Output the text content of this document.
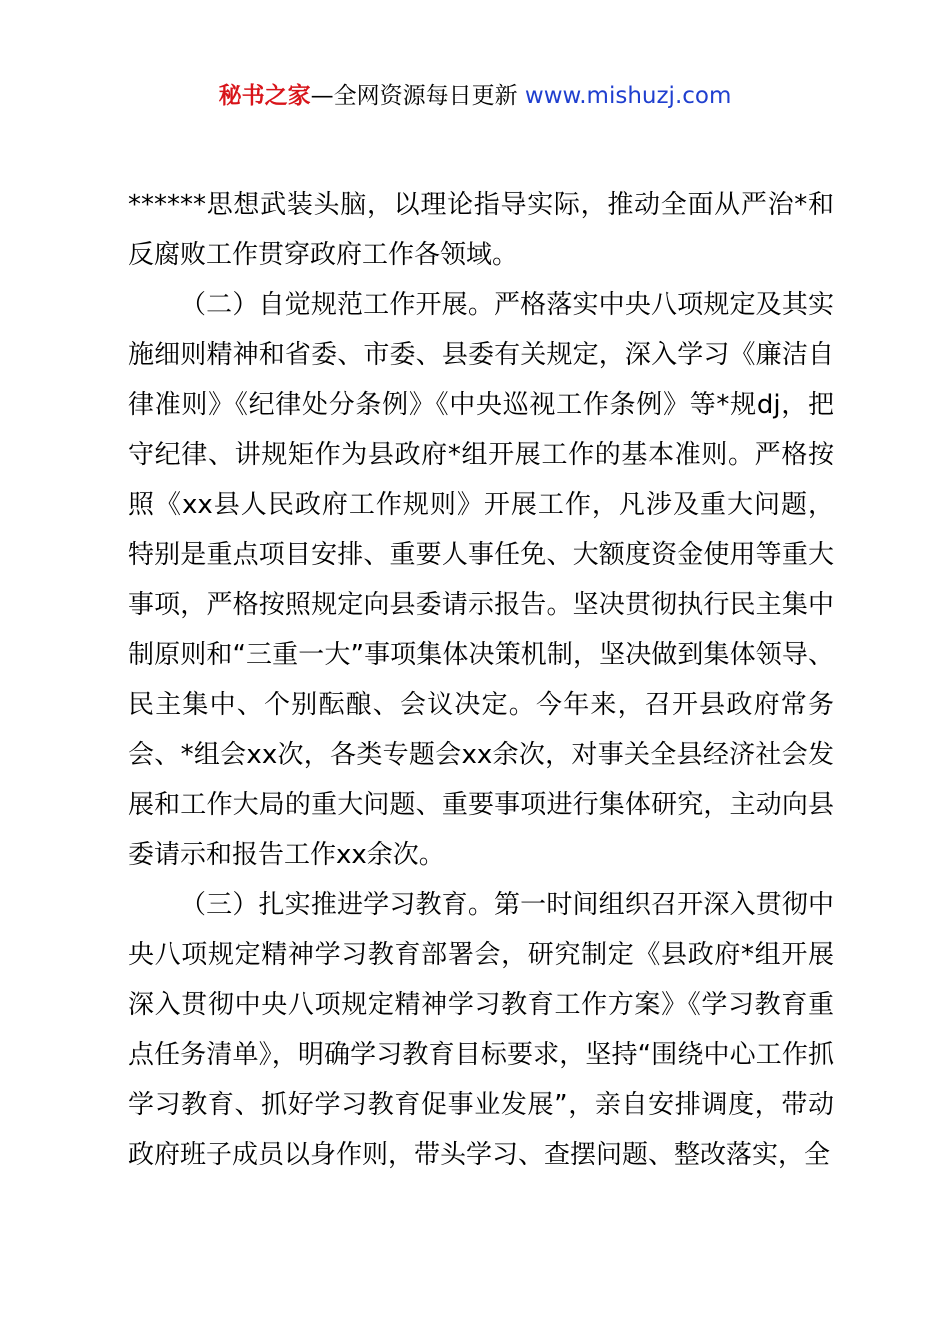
秘书之家—全网资源每日更新 www.mishuzj.com

******思想武装头脑，以理论指导实际，推动全面从严治*和反腐败工作贯穿政府工作各领域。

（二）自觉规范工作开展。严格落实中央八项规定及其实施细则精神和省委、市委、县委有关规定，深入学习《廉洁自律准则》《纪律处分条例》《中央巡视工作条例》等*规dj，把守纪律、讲规矩作为县政府*组开展工作的基本准则。严格按照《xx县人民政府工作规则》开展工作，凡涉及重大问题，特别是重点项目安排、重要人事任免、大额度资金使用等重大事项，严格按照规定向县委请示报告。坚决贯彻执行民主集中制原则和“三重一大”事项集体决策机制，坚决做到集体领导、民主集中、个别酝酿、会议决定。今年来，召开县政府常务会、*组会xx次，各类专题会xx余次，对事关全县经济社会发展和工作大局的重大问题、重要事项进行集体研究，主动向县委请示和报告工作xx余次。

（三）扎实推进学习教育。第一时间组织召开深入贯彻中央八项规定精神学习教育部署会，研究制定《县政府*组开展深入贯彻中央八项规定精神学习教育工作方案》《学习教育重点任务清单》，明确学习教育目标要求，坚持“围绕中心工作抓学习教育、抓好学习教育促事业发展”，亲自安排调度，带动政府班子成员以身作则，带头学习、查摆问题、整改落实，全
